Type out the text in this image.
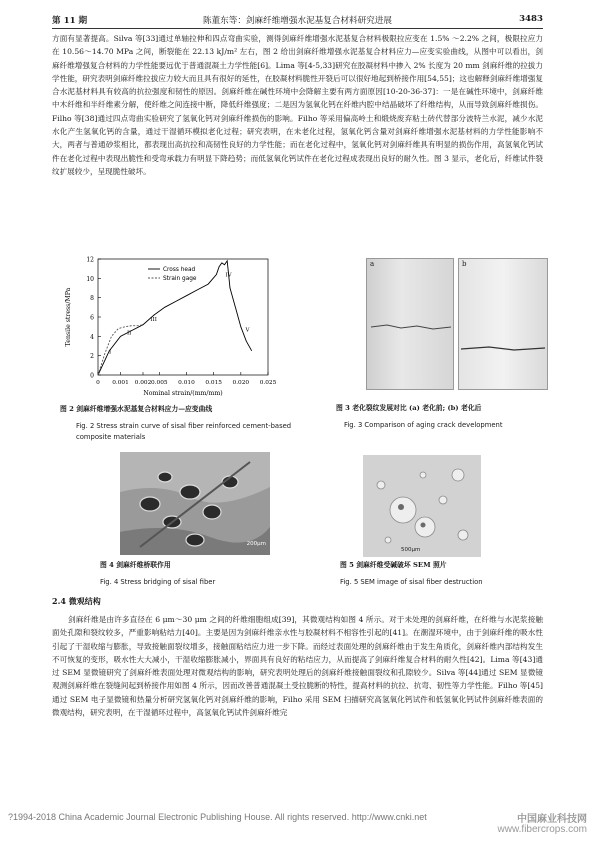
第 11 期	陈董东等：剑麻纤维增强水泥基复合材料研究进展	3483

方面有显著提高。Silva 等[33]通过单轴拉伸和四点弯曲实验，测得剑麻纤维增强水泥基复合材料极限拉应变在 1.5% ～2.2% 之间，极限拉应力在 10.56～14.70 MPa 之间，断裂能在 22.13 kJ/m² 左右，图 2 给出剑麻纤维增强水泥基复合材料应力—应变实验曲线，从图中可以看出，剑麻纤维增强复合材料的力学性能要远优于普通混凝土力学性能[6]。Lima 等[4-5,33]研究在胶凝材料中掺入 2% 长度为 20 mm 剑麻纤维的拉拔力学性能，研究表明剑麻纤维拉拔应力较大而且具有很好的延性，在胶凝材料脆性开裂后可以很好地起到桥接作用[54,55]；这也解释剑麻纤维增强复合水泥基材料具有较高的抗拉强度和韧性的原因。剑麻纤维在碱性环境中会降解主要有两方面原因[10-20-36-37]：一是在碱性环境中，剑麻纤维中木纤维和半纤维素分解，使纤维之间连接中断，降低纤维强度；二是因为氢氧化钙在纤维内腔中结晶破坏了纤维结构，从而导致剑麻纤维损伤。Filho 等[38]通过四点弯曲实验研究了氢氧化钙对剑麻纤维损伤的影响。Filho 等采用偏高岭土和煅烧废弃粘土砖代替部分波特兰水泥，减少水泥水化产生氢氧化钙的含量，通过干湿循环模拟老化过程；研究表明，在未老化过程，氢氧化钙含量对剑麻纤维增强水泥基材料的力学性能影响不大，两者与普通砂浆相比，都表现出高抗拉和高韧性良好的力学性能；而在老化过程中，氢氧化钙对剑麻纤维具有明显的损伤作用，高氢氧化钙试件在老化过程中表现出脆性和受弯承载力有明显下降趋势；而低氢氧化钙试件在老化过程成表现出良好的耐久性。图 3 显示，老化后，纤维试件裂纹扩展较少，呈现脆性破坏。

0
2
4
6
8
10
12
0 0.001 0.002 0.005 0.010 0.015 0.020 0.025
Nominal strain/(mm/mm)
Tensile stress/MPa
Cross head
Strain gage
I
II
III
IV
V
图 2 剑麻纤维增强水泥基复合材料应力—应变曲线
Fig. 2 Stress strain curve of sisal fiber reinforced cement-based composite materials
a	b
图 3 老化裂纹发展对比 (a) 老化前; (b) 老化后
Fig. 3 Comparison of aging crack development
200μm
图 4 剑麻纤维桥联作用
Fig. 4 Stress bridging of sisal fiber
500μm
图 5 剑麻纤维受碱破坏 SEM 照片
Fig. 5 SEM image of sisal fiber destruction
2.4 微观结构

剑麻纤维是由许多直径在 6 μm～30 μm 之间的纤维细胞组成[39]，其微观结构如图 4 所示。对于未处理的剑麻纤维，在纤维与水泥浆接触面处孔隙和裂纹较多，严重影响粘结力[40]。主要是因为剑麻纤维亲水性与胶凝材料不相容性引起的[41]。在潮湿环境中，由于剑麻纤维的吸水性引起了干湿收缩与膨胀，导致接触面裂纹增多，接触面粘结应力进一步下降。而经过表面处理的剑麻纤维由于发生角质化，剑麻纤维内部结构发生不可恢复的变形，吸水性大大减小，干湿收缩膨胀减小，界面具有良好的粘结应力，从而提高了剑麻纤维复合材料的耐久性[42]。Lima 等[43]通过 SEM 显微镜研究了剑麻纤维表面处理对微观结构的影响，研究表明处理后的剑麻纤维接触面裂纹和孔隙较少。Silva 等[44]通过 SEM 显微镜观测剑麻纤维在裂缝间起到桥接作用如图 4 所示，因而改善普通混凝土受拉脆断的特性，提高材料的抗拉、抗弯、韧性等力学性能。Filho 等[45]通过 SEM 电子显微镜和热量分析研究氢氧化钙对剑麻纤维的影响，Filho 采用 SEM 扫描研究高氢氧化钙试件和低氢氧化钙试件剑麻纤维表面的微观结构，研究表明，在干湿循环过程中，高氢氧化钙试件剑麻纤维完

?1994-2018 China Academic Journal Electronic Publishing House. All rights reserved. http://www.cnki.net	中国麻业科技网
www.fibercrops.com
